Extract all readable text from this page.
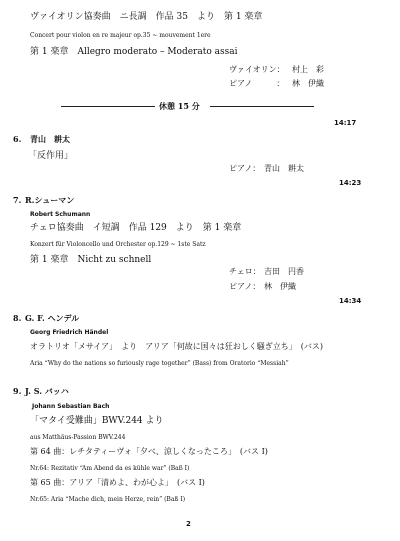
ヴァイオリン協奏曲　ニ長調　作品 35　より　第 1 楽章
Concert pour violon en re majeur op.35 ~ mouvement 1ere
第 1 楽章　Allegro moderato – Moderato assai
ヴァイオリン： 村上　彩
ピアノ　　　： 林　伊織
休憩 15 分
14:17
6. 青山　耕太
「反作用」
ピアノ： 青山　耕太
14:23
7. R.シューマン
Robert Schumann
チェロ協奏曲　イ短調　作品 129　より　第 1 楽章
Konzert für Violoncello und Orchester op.129 ~ 1ste Satz
第 1 楽章　Nicht zu schnell
チェロ： 吉田　円香
ピアノ： 林　伊織
14:34
8. G. F. ヘンデル
Georg Friedrich Händel
オラトリオ「メサイア」　より　アリア「何故に国々は狂おしく騒ぎ立ち」　(バス)
Aria “Why do the nations so furiously rage together” (Bass) from Oratorio “Messiah”
9. J. S. バッハ
Johann Sebastian Bach
「マタイ受難曲」BWV.244 より
aus Matthäus-Passion BWV.244
第 64 曲：レチタティーヴォ「夕べ、涼しくなったころ」　(バス I)
Nr.64: Rezitativ “Am Abend da es kühle war” (Baß I)
第 65 曲：アリア「清めよ、わが心よ」　(バス I)
Nr.65: Aria “Mache dich, mein Herze, rein” (Baß I)
2
